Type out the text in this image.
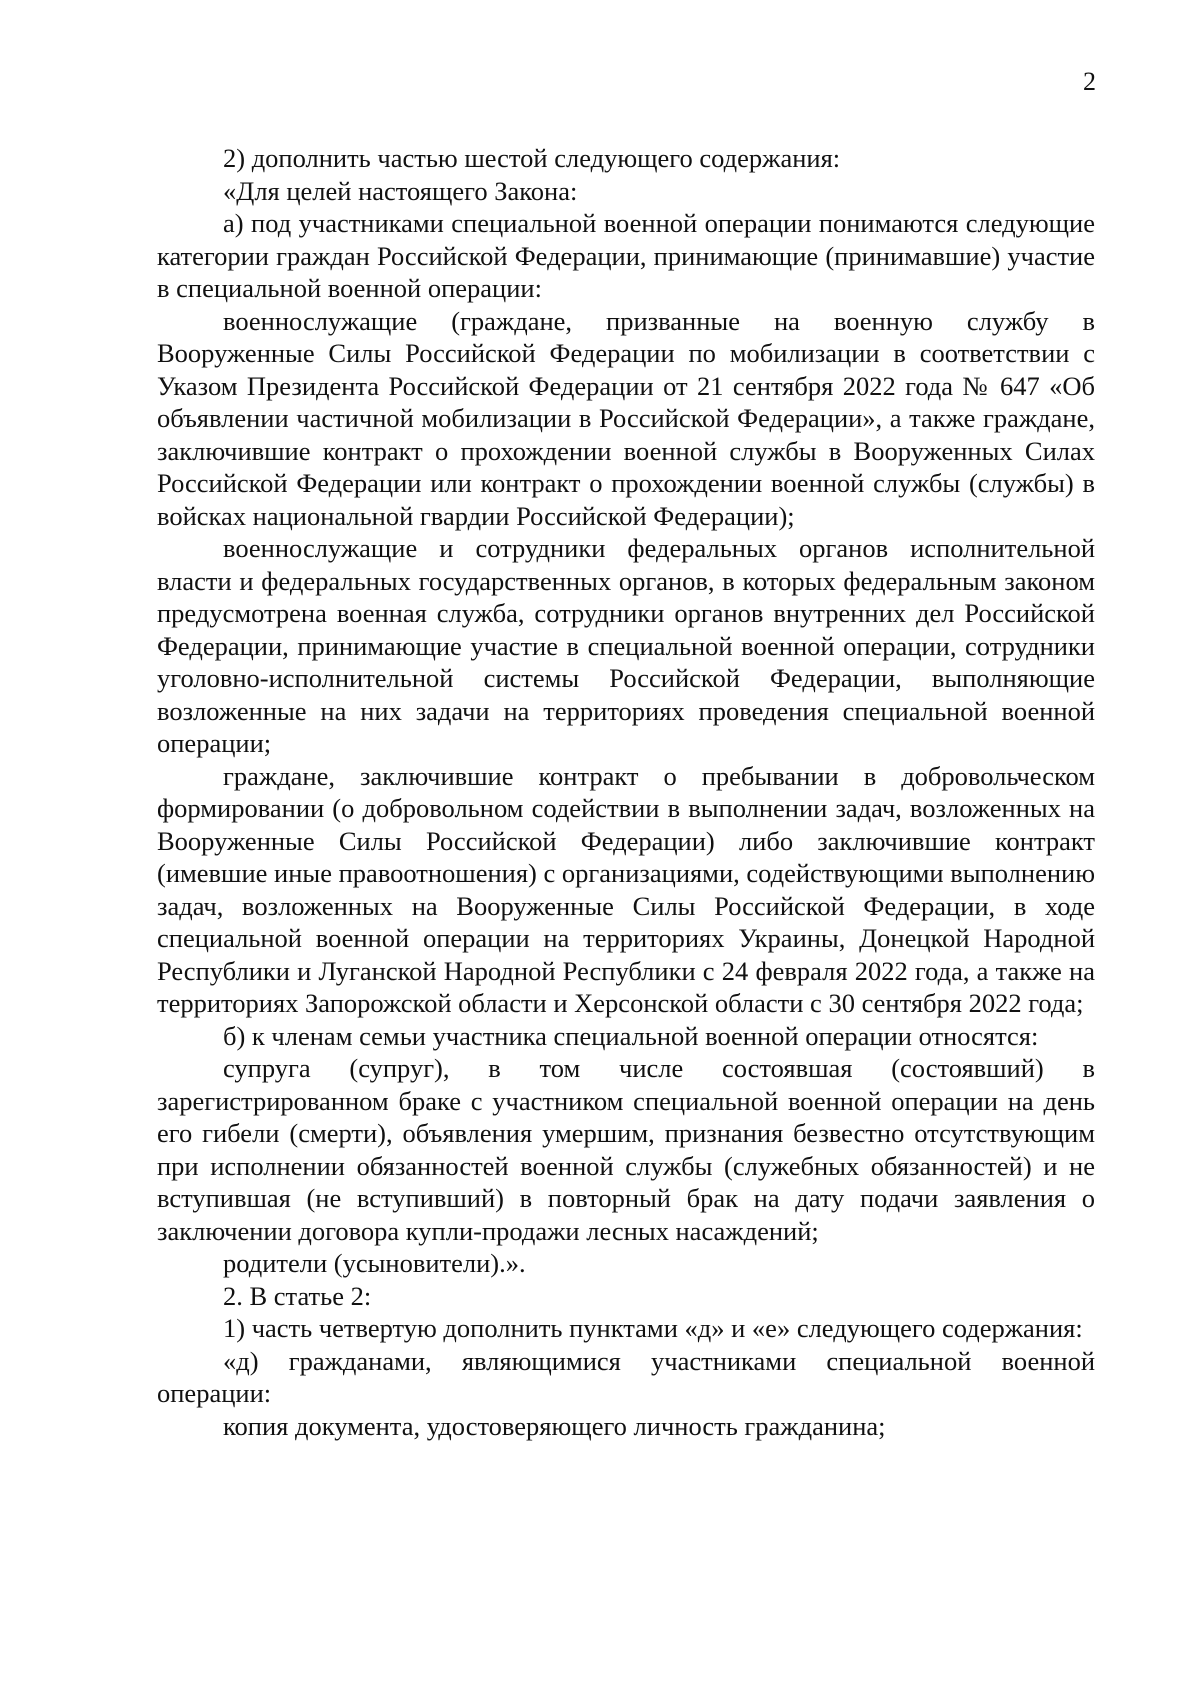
2

2) дополнить частью шестой следующего содержания:

«Для целей настоящего Закона:

а) под участниками специальной военной операции понимаются следующие категории граждан Российской Федерации, принимающие (принимавшие) участие в специальной военной операции:

военнослужащие (граждане, призванные на военную службу в Вооруженные Силы Российской Федерации по мобилизации в соответствии с Указом Президента Российской Федерации от 21 сентября 2022 года № 647 «Об объявлении частичной мобилизации в Российской Федерации», а также граждане, заключившие контракт о прохождении военной службы в Вооруженных Силах Российской Федерации или контракт о прохождении военной службы (службы) в войсках национальной гвардии Российской Федерации);

военнослужащие и сотрудники федеральных органов исполнительной власти и федеральных государственных органов, в которых федеральным законом предусмотрена военная служба, сотрудники органов внутренних дел Российской Федерации, принимающие участие в специальной военной операции, сотрудники уголовно-исполнительной системы Российской Федерации, выполняющие возложенные на них задачи на территориях проведения специальной военной операции;

граждане, заключившие контракт о пребывании в добровольческом формировании (о добровольном содействии в выполнении задач, возложенных на Вооруженные Силы Российской Федерации) либо заключившие контракт (имевшие иные правоотношения) с организациями, содействующими выполнению задач, возложенных на Вооруженные Силы Российской Федерации, в ходе специальной военной операции на территориях Украины, Донецкой Народной Республики и Луганской Народной Республики с 24 февраля 2022 года, а также на территориях Запорожской области и Херсонской области с 30 сентября 2022 года;

б) к членам семьи участника специальной военной операции относятся:

супруга (супруг), в том числе состоявшая (состоявший) в зарегистрированном браке с участником специальной военной операции на день его гибели (смерти), объявления умершим, признания безвестно отсутствующим при исполнении обязанностей военной службы (служебных обязанностей) и не вступившая (не вступивший) в повторный брак на дату подачи заявления о заключении договора купли-продажи лесных насаждений;

родители (усыновители).».

2. В статье 2:

1) часть четвертую дополнить пунктами «д» и «е» следующего содержания:

«д) гражданами, являющимися участниками специальной военной операции:

копия документа, удостоверяющего личность гражданина;
